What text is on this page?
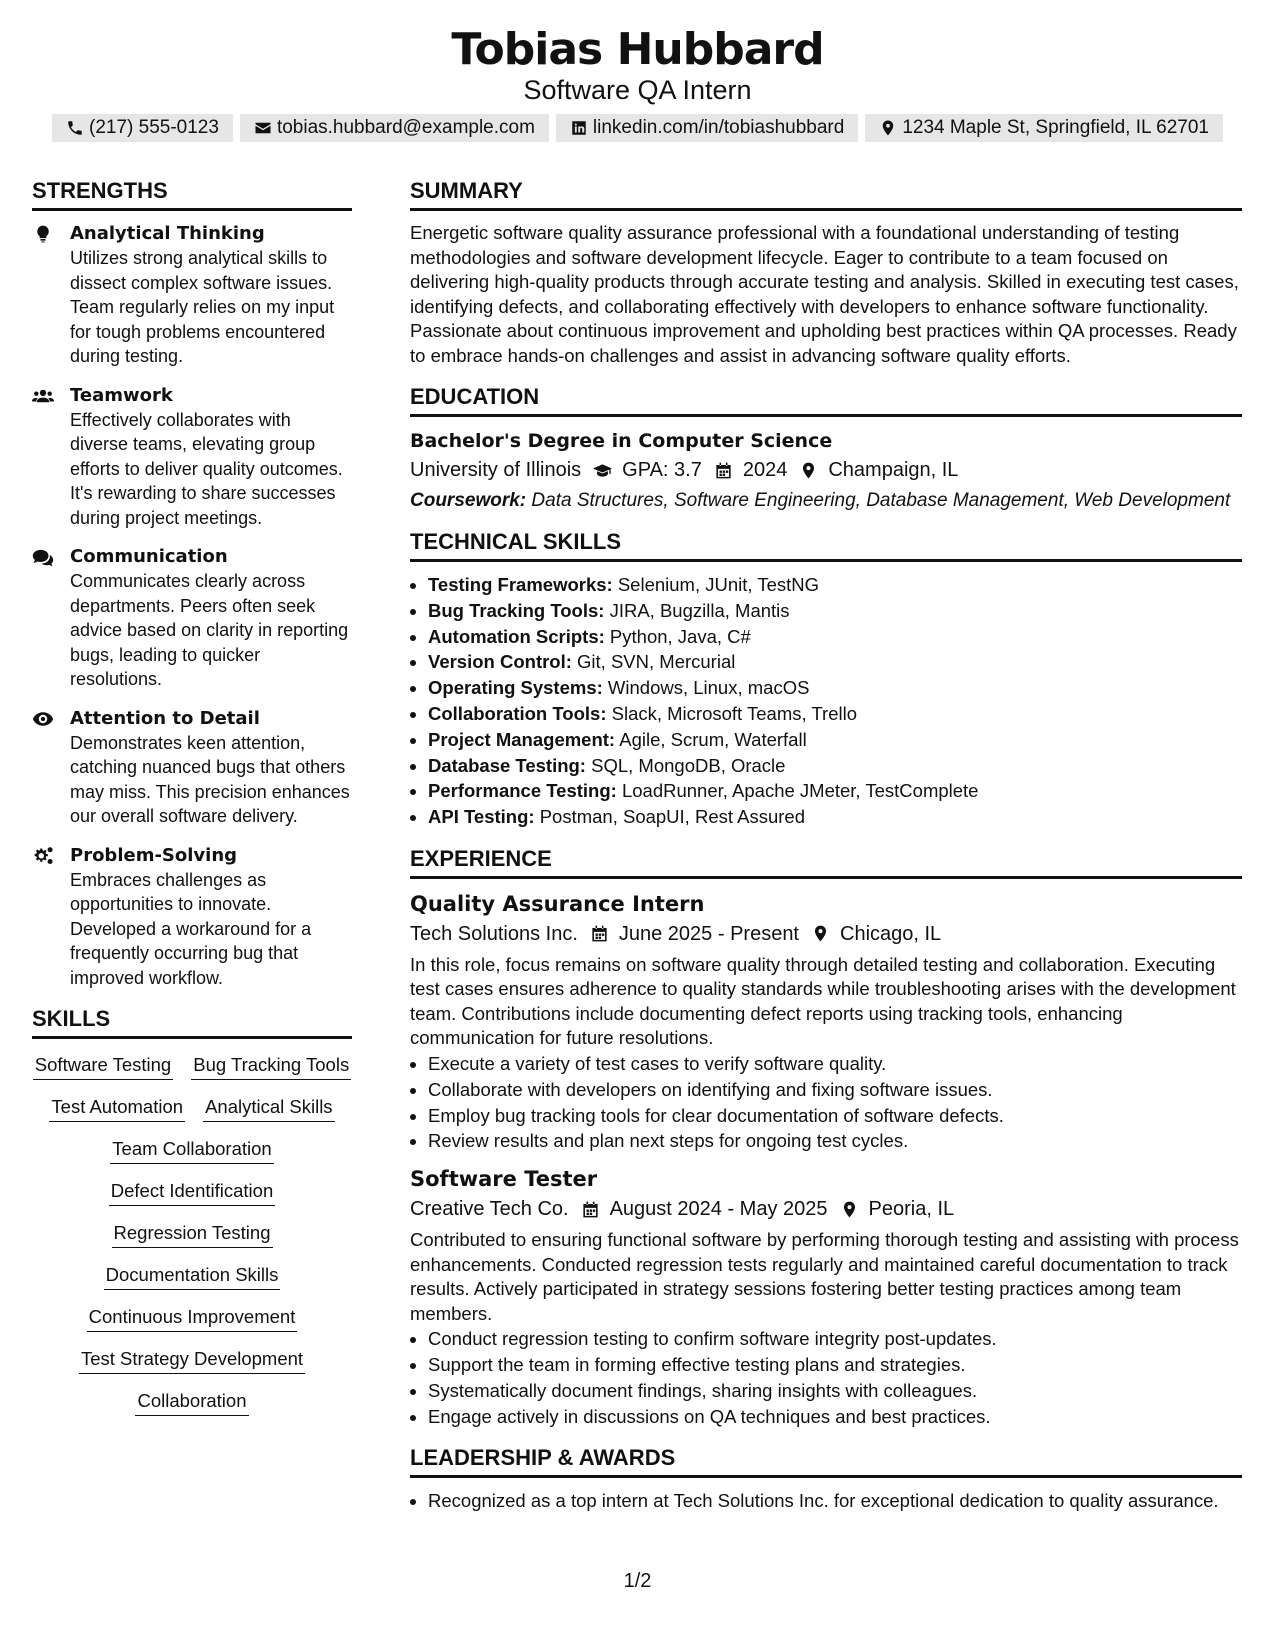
Tobias Hubbard
Software QA Intern
(217) 555-0123	tobias.hubbard@example.com	linkedin.com/in/tobiashubbard	1234 Maple St, Springfield, IL 62701
STRENGTHS
Analytical Thinking
Utilizes strong analytical skills to dissect complex software issues. Team regularly relies on my input for tough problems encountered during testing.
Teamwork
Effectively collaborates with diverse teams, elevating group efforts to deliver quality outcomes. It's rewarding to share successes during project meetings.
Communication
Communicates clearly across departments. Peers often seek advice based on clarity in reporting bugs, leading to quicker resolutions.
Attention to Detail
Demonstrates keen attention, catching nuanced bugs that others may miss. This precision enhances our overall software delivery.
Problem-Solving
Embraces challenges as opportunities to innovate. Developed a workaround for a frequently occurring bug that improved workflow.
SKILLS
Software Testing Bug Tracking Tools
Test Automation Analytical Skills
Team Collaboration
Defect Identification
Regression Testing
Documentation Skills
Continuous Improvement
Test Strategy Development
Collaboration
SUMMARY

Energetic software quality assurance professional with a foundational understanding of testing methodologies and software development lifecycle. Eager to contribute to a team focused on delivering high-quality products through accurate testing and analysis. Skilled in executing test cases, identifying defects, and collaborating effectively with developers to enhance software functionality. Passionate about continuous improvement and upholding best practices within QA processes. Ready to embrace hands-on challenges and assist in advancing software quality efforts.

EDUCATION
Bachelor's Degree in Computer Science
University of Illinois GPA: 3.7 2024 Champaign, IL
Coursework: Data Structures, Software Engineering, Database Management, Web Development
TECHNICAL SKILLS
• Testing Frameworks: Selenium, JUnit, TestNG
• Bug Tracking Tools: JIRA, Bugzilla, Mantis
• Automation Scripts: Python, Java, C#
• Version Control: Git, SVN, Mercurial
• Operating Systems: Windows, Linux, macOS
• Collaboration Tools: Slack, Microsoft Teams, Trello
• Project Management: Agile, Scrum, Waterfall
• Database Testing: SQL, MongoDB, Oracle
• Performance Testing: LoadRunner, Apache JMeter, TestComplete
• API Testing: Postman, SoapUI, Rest Assured
EXPERIENCE
Quality Assurance Intern
Tech Solutions Inc. June 2025 - Present Chicago, IL

In this role, focus remains on software quality through detailed testing and collaboration. Executing test cases ensures adherence to quality standards while troubleshooting arises with the development team. Contributions include documenting defect reports using tracking tools, enhancing communication for future resolutions.

• Execute a variety of test cases to verify software quality.
• Collaborate with developers on identifying and fixing software issues.
• Employ bug tracking tools for clear documentation of software defects.
• Review results and plan next steps for ongoing test cycles.
Software Tester
Creative Tech Co. August 2024 - May 2025 Peoria, IL

Contributed to ensuring functional software by performing thorough testing and assisting with process enhancements. Conducted regression tests regularly and maintained careful documentation to track results. Actively participated in strategy sessions fostering better testing practices among team members.

• Conduct regression testing to confirm software integrity post-updates.
• Support the team in forming effective testing plans and strategies.
• Systematically document findings, sharing insights with colleagues.
• Engage actively in discussions on QA techniques and best practices.
LEADERSHIP & AWARDS
• Recognized as a top intern at Tech Solutions Inc. for exceptional dedication to quality assurance.
1/2
